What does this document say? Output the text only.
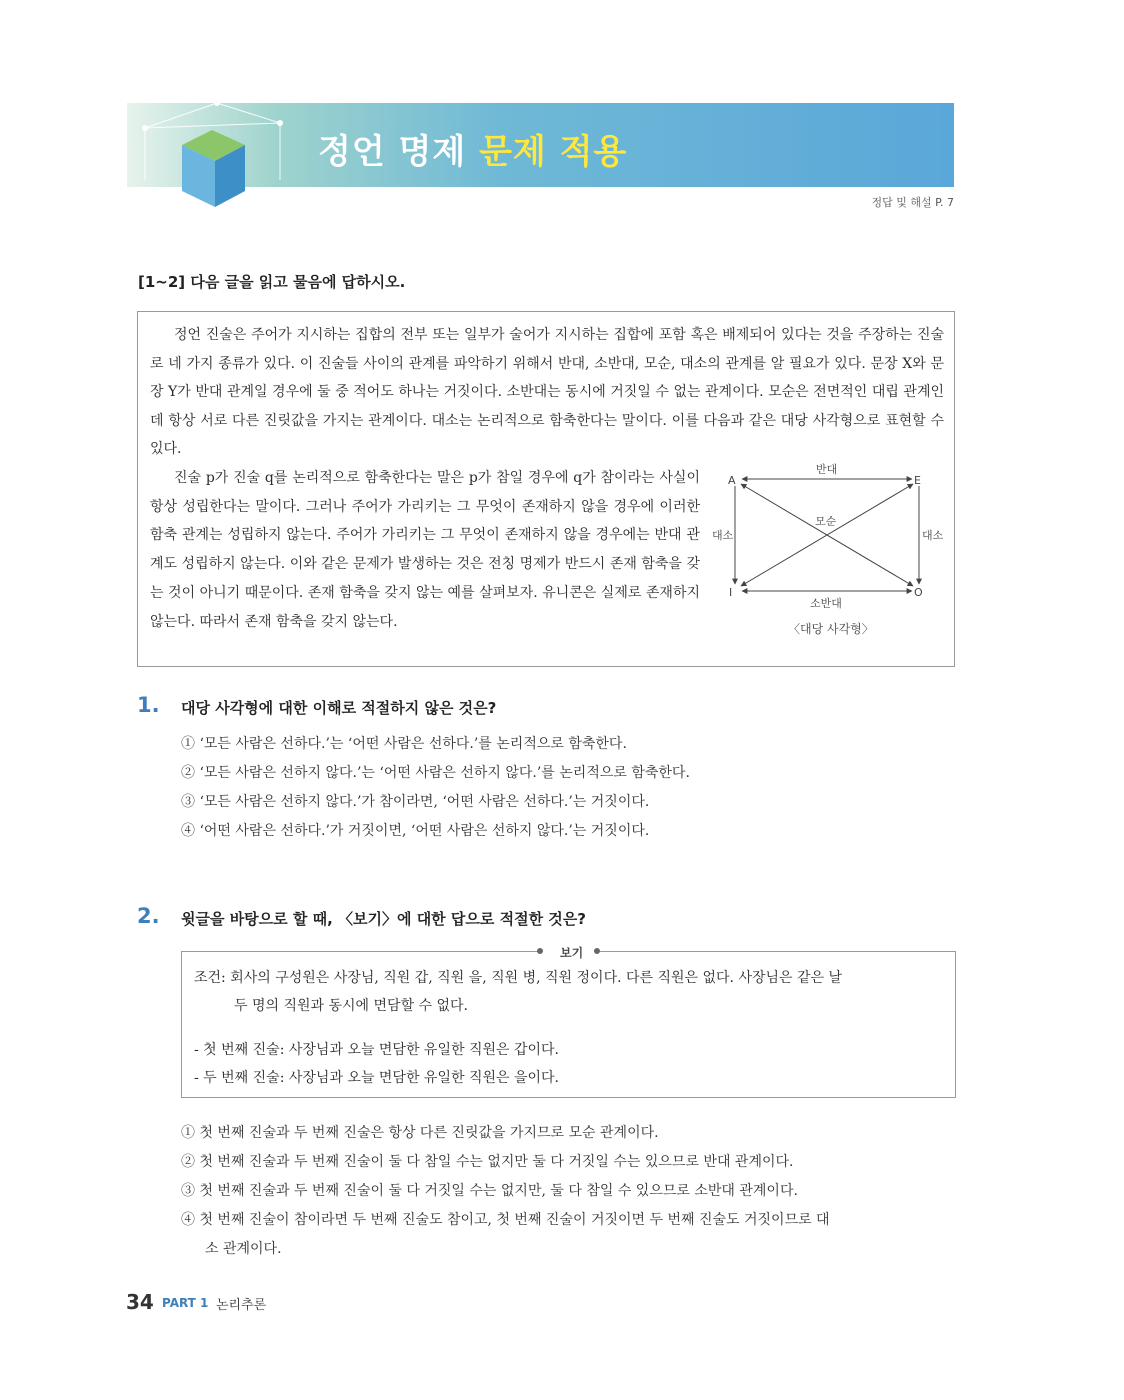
정언 명제 문제 적용
정답 및 해설 P. 7
[1~2] 다음 글을 읽고 물음에 답하시오.

정언 진술은 주어가 지시하는 집합의 전부 또는 일부가 술어가 지시하는 집합에 포함 혹은 배제되어 있다는 것을 주장하는 진술로 네 가지 종류가 있다. 이 진술들 사이의 관계를 파악하기 위해서 반대, 소반대, 모순, 대소의 관계를 알 필요가 있다. 문장 X와 문장 Y가 반대 관계일 경우에 둘 중 적어도 하나는 거짓이다. 소반대는 동시에 거짓일 수 없는 관계이다. 모순은 전면적인 대립 관계인데 항상 서로 다른 진릿값을 가지는 관계이다. 대소는 논리적으로 함축한다는 말이다. 이를 다음과 같은 대당 사각형으로 표현할 수 있다.

진술 p가 진술 q를 논리적으로 함축한다는 말은 p가 참일 경우에 q가 참이라는 사실이 항상 성립한다는 말이다. 그러나 주어가 가리키는 그 무엇이 존재하지 않을 경우에 이러한 함축 관계는 성립하지 않는다. 주어가 가리키는 그 무엇이 존재하지 않을 경우에는 반대 관계도 성립하지 않는다. 이와 같은 문제가 발생하는 것은 전칭 명제가 반드시 존재 함축을 갖는 것이 아니기 때문이다. 존재 함축을 갖지 않는 예를 살펴보자. 유니콘은 실제로 존재하지 않는다. 따라서 존재 함축을 갖지 않는다.

A	E
I	O
반대
모순
대소	대소
소반대
〈대당 사각형〉
1. 대당 사각형에 대한 이해로 적절하지 않은 것은?
① ‘모든 사람은 선하다.’는 ‘어떤 사람은 선하다.’를 논리적으로 함축한다.
② ‘모든 사람은 선하지 않다.’는 ‘어떤 사람은 선하지 않다.’를 논리적으로 함축한다.
③ ‘모든 사람은 선하지 않다.’가 참이라면, ‘어떤 사람은 선하다.’는 거짓이다.
④ ‘어떤 사람은 선하다.’가 거짓이면, ‘어떤 사람은 선하지 않다.’는 거짓이다.
2. 윗글을 바탕으로 할 때, 〈보기〉에 대한 답으로 적절한 것은?
보기

조건: 회사의 구성원은 사장님, 직원 갑, 직원 을, 직원 병, 직원 정이다. 다른 직원은 없다. 사장님은 같은 날

두 명의 직원과 동시에 면담할 수 없다.
- 첫 번째 진술: 사장님과 오늘 면담한 유일한 직원은 갑이다.
- 두 번째 진술: 사장님과 오늘 면담한 유일한 직원은 을이다.
① 첫 번째 진술과 두 번째 진술은 항상 다른 진릿값을 가지므로 모순 관계이다.
② 첫 번째 진술과 두 번째 진술이 둘 다 참일 수는 없지만 둘 다 거짓일 수는 있으므로 반대 관계이다.
③ 첫 번째 진술과 두 번째 진술이 둘 다 거짓일 수는 없지만, 둘 다 참일 수 있으므로 소반대 관계이다.
④ 첫 번째 진술이 참이라면 두 번째 진술도 참이고, 첫 번째 진술이 거짓이면 두 번째 진술도 거짓이므로 대
소 관계이다.
34 PART 1 논리추론
